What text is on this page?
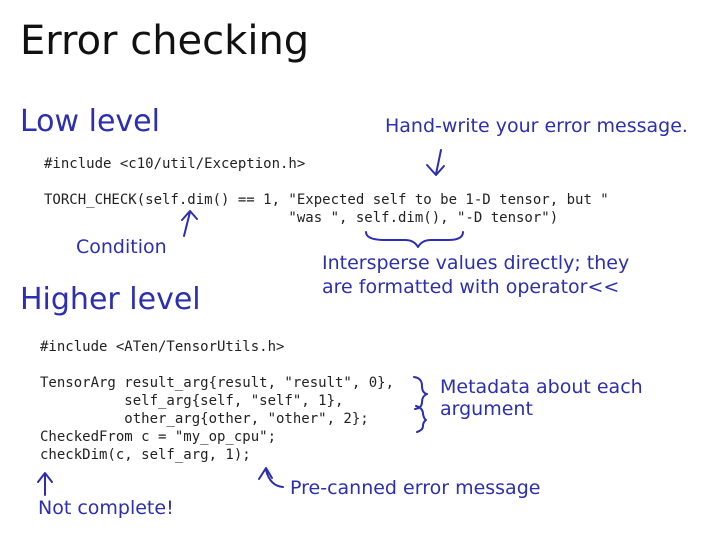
Error checking
Low level	Hand-write your error message.
#include <c10/util/Exception.h>

TORCH_CHECK(self.dim() == 1, "Expected self to be 1-D tensor, but "
"was ", self.dim(), "-D tensor")
Condition
Intersperse values directly; they
are formatted with operator<<
Higher level
#include <ATen/TensorUtils.h>

TensorArg result_arg{result, "result", 0},
self_arg{self, "self", 1},
other_arg{other, "other", 2};
CheckedFrom c = "my_op_cpu";
checkDim(c, self_arg, 1);
Metadata about each argument
Pre-canned error message
Not complete!
